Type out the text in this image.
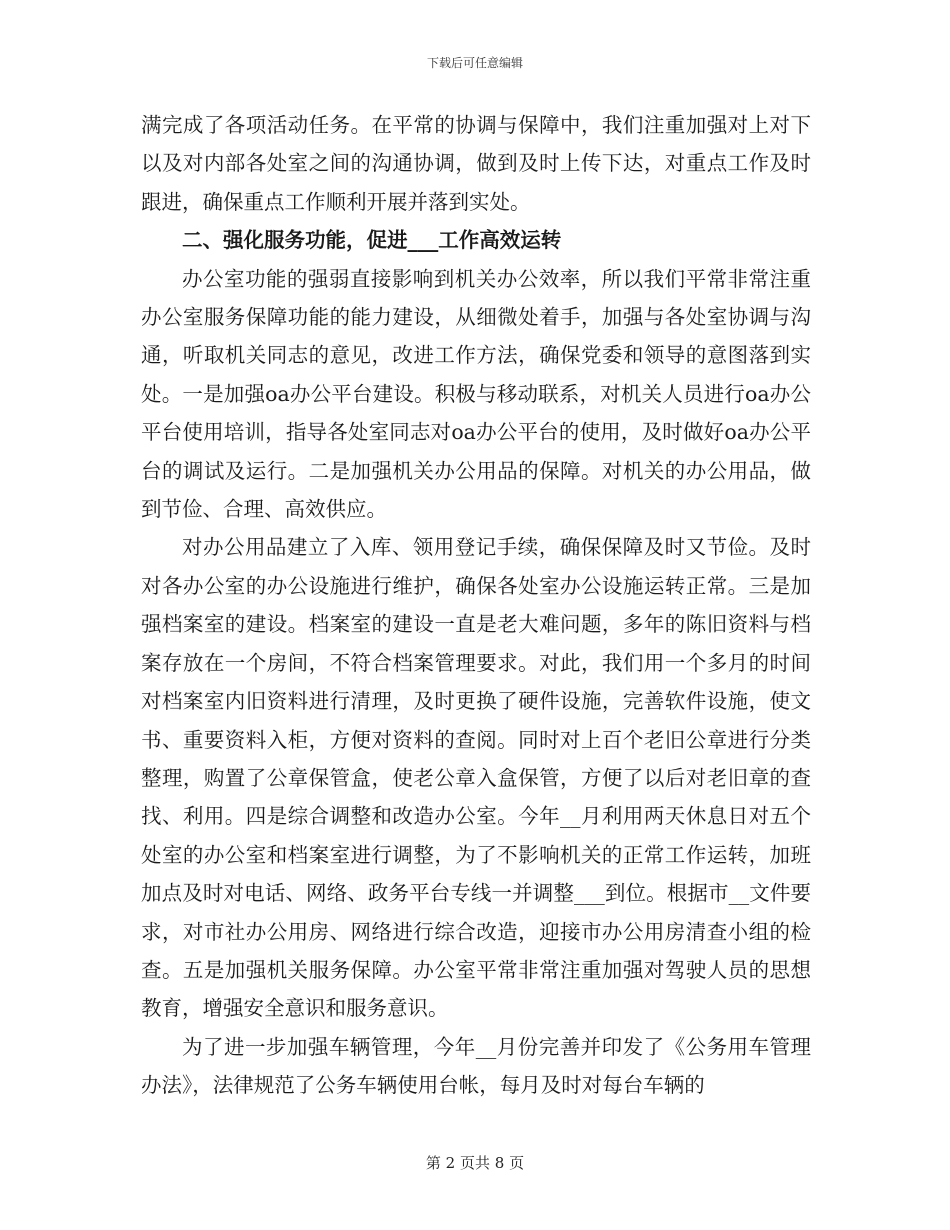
下载后可任意编辑

满完成了各项活动任务。在平常的协调与保障中，我们注重加强对上对下以及对内部各处室之间的沟通协调，做到及时上传下达，对重点工作及时跟进，确保重点工作顺利开展并落到实处。

二、强化服务功能，促进___工作高效运转

办公室功能的强弱直接影响到机关办公效率，所以我们平常非常注重办公室服务保障功能的能力建设，从细微处着手，加强与各处室协调与沟通，听取机关同志的意见，改进工作方法，确保党委和领导的意图落到实处。一是加强oa办公平台建设。积极与移动联系，对机关人员进行oa办公平台使用培训，指导各处室同志对oa办公平台的使用，及时做好oa办公平台的调试及运行。二是加强机关办公用品的保障。对机关的办公用品，做到节俭、合理、高效供应。

对办公用品建立了入库、领用登记手续，确保保障及时又节俭。及时对各办公室的办公设施进行维护，确保各处室办公设施运转正常。三是加强档案室的建设。档案室的建设一直是老大难问题，多年的陈旧资料与档案存放在一个房间，不符合档案管理要求。对此，我们用一个多月的时间对档案室内旧资料进行清理，及时更换了硬件设施，完善软件设施，使文书、重要资料入柜，方便对资料的查阅。同时对上百个老旧公章进行分类整理，购置了公章保管盒，使老公章入盒保管，方便了以后对老旧章的查找、利用。四是综合调整和改造办公室。今年__月利用两天休息日对五个处室的办公室和档案室进行调整，为了不影响机关的正常工作运转，加班加点及时对电话、网络、政务平台专线一并调整___到位。根据市__文件要求，对市社办公用房、网络进行综合改造，迎接市办公用房清查小组的检查。五是加强机关服务保障。办公室平常非常注重加强对驾驶人员的思想教育，增强安全意识和服务意识。

为了进一步加强车辆管理，今年__月份完善并印发了《公务用车管理办法》，法律规范了公务车辆使用台帐，每月及时对每台车辆的

第 2 页共 8 页
